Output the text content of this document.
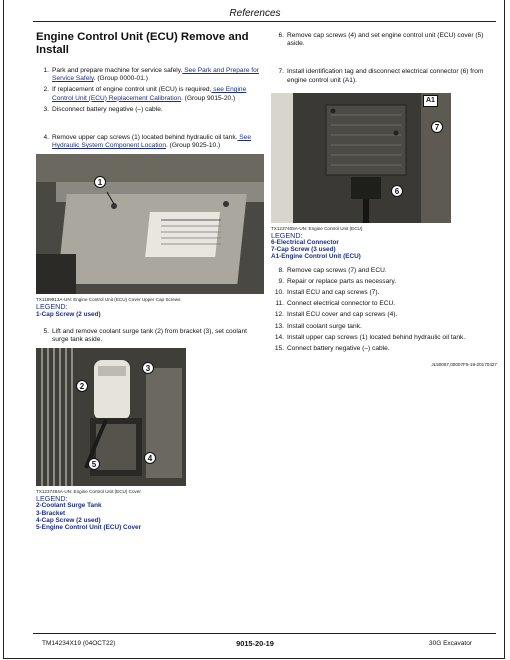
References
Engine Control Unit (ECU) Remove and Install
1. Park and prepare machine for service safely. See Park and Prepare for Service Safely. (Group 0000-01.)
2. If replacement of engine control unit (ECU) is required, see Engine Control Unit (ECU) Replacement Calibration. (Group 9015-20.)
3. Disconnect battery negative (–) cable.
4. Remove upper cap screws (1) located behind hydraulic oil tank. See Hydraulic System Component Location. (Group 9025-10.)
1
TX1189913A-UN: Engine Control Unit (ECU) Cover Upper Cap Screws
LEGEND:
1-Cap Screw (2 used)
5. Lift and remove coolant surge tank (2) from bracket (3), set coolant surge tank aside.
2
3
4
5
TX1237484A-UN: Engine Control Unit (ECU) Cover
LEGEND:
2-Coolant Surge Tank
3-Bracket
4-Cap Screw (2 used)
5-Engine Control Unit (ECU) Cover
6. Remove cap screws (4) and set engine control unit (ECU) cover (5) aside.
7. Install identification tag and disconnect electrical connector (6) from engine control unit (A1).
A1
7
6
TX1237405A-UN: Engine Control Unit (ECU)
LEGEND:
6-Electrical Connector
7-Cap Screw (3 used)
A1-Engine Control Unit (ECU)
8. Remove cap screws (7) and ECU.
9. Repair or replace parts as necessary.
10. Install ECU and cap screws (7).
11. Connect electrical connector to ECU.
12. Install ECU cover and cap screws (4).
13. Install coolant surge tank.
14. Install upper cap screws (1) located behind hydraulic oil tank.
15. Connect battery negative (–) cable.
JL50067,00007F5-19-20170427
TM14234X19 (04OCT22)	9015-20-19	30G Excavator
